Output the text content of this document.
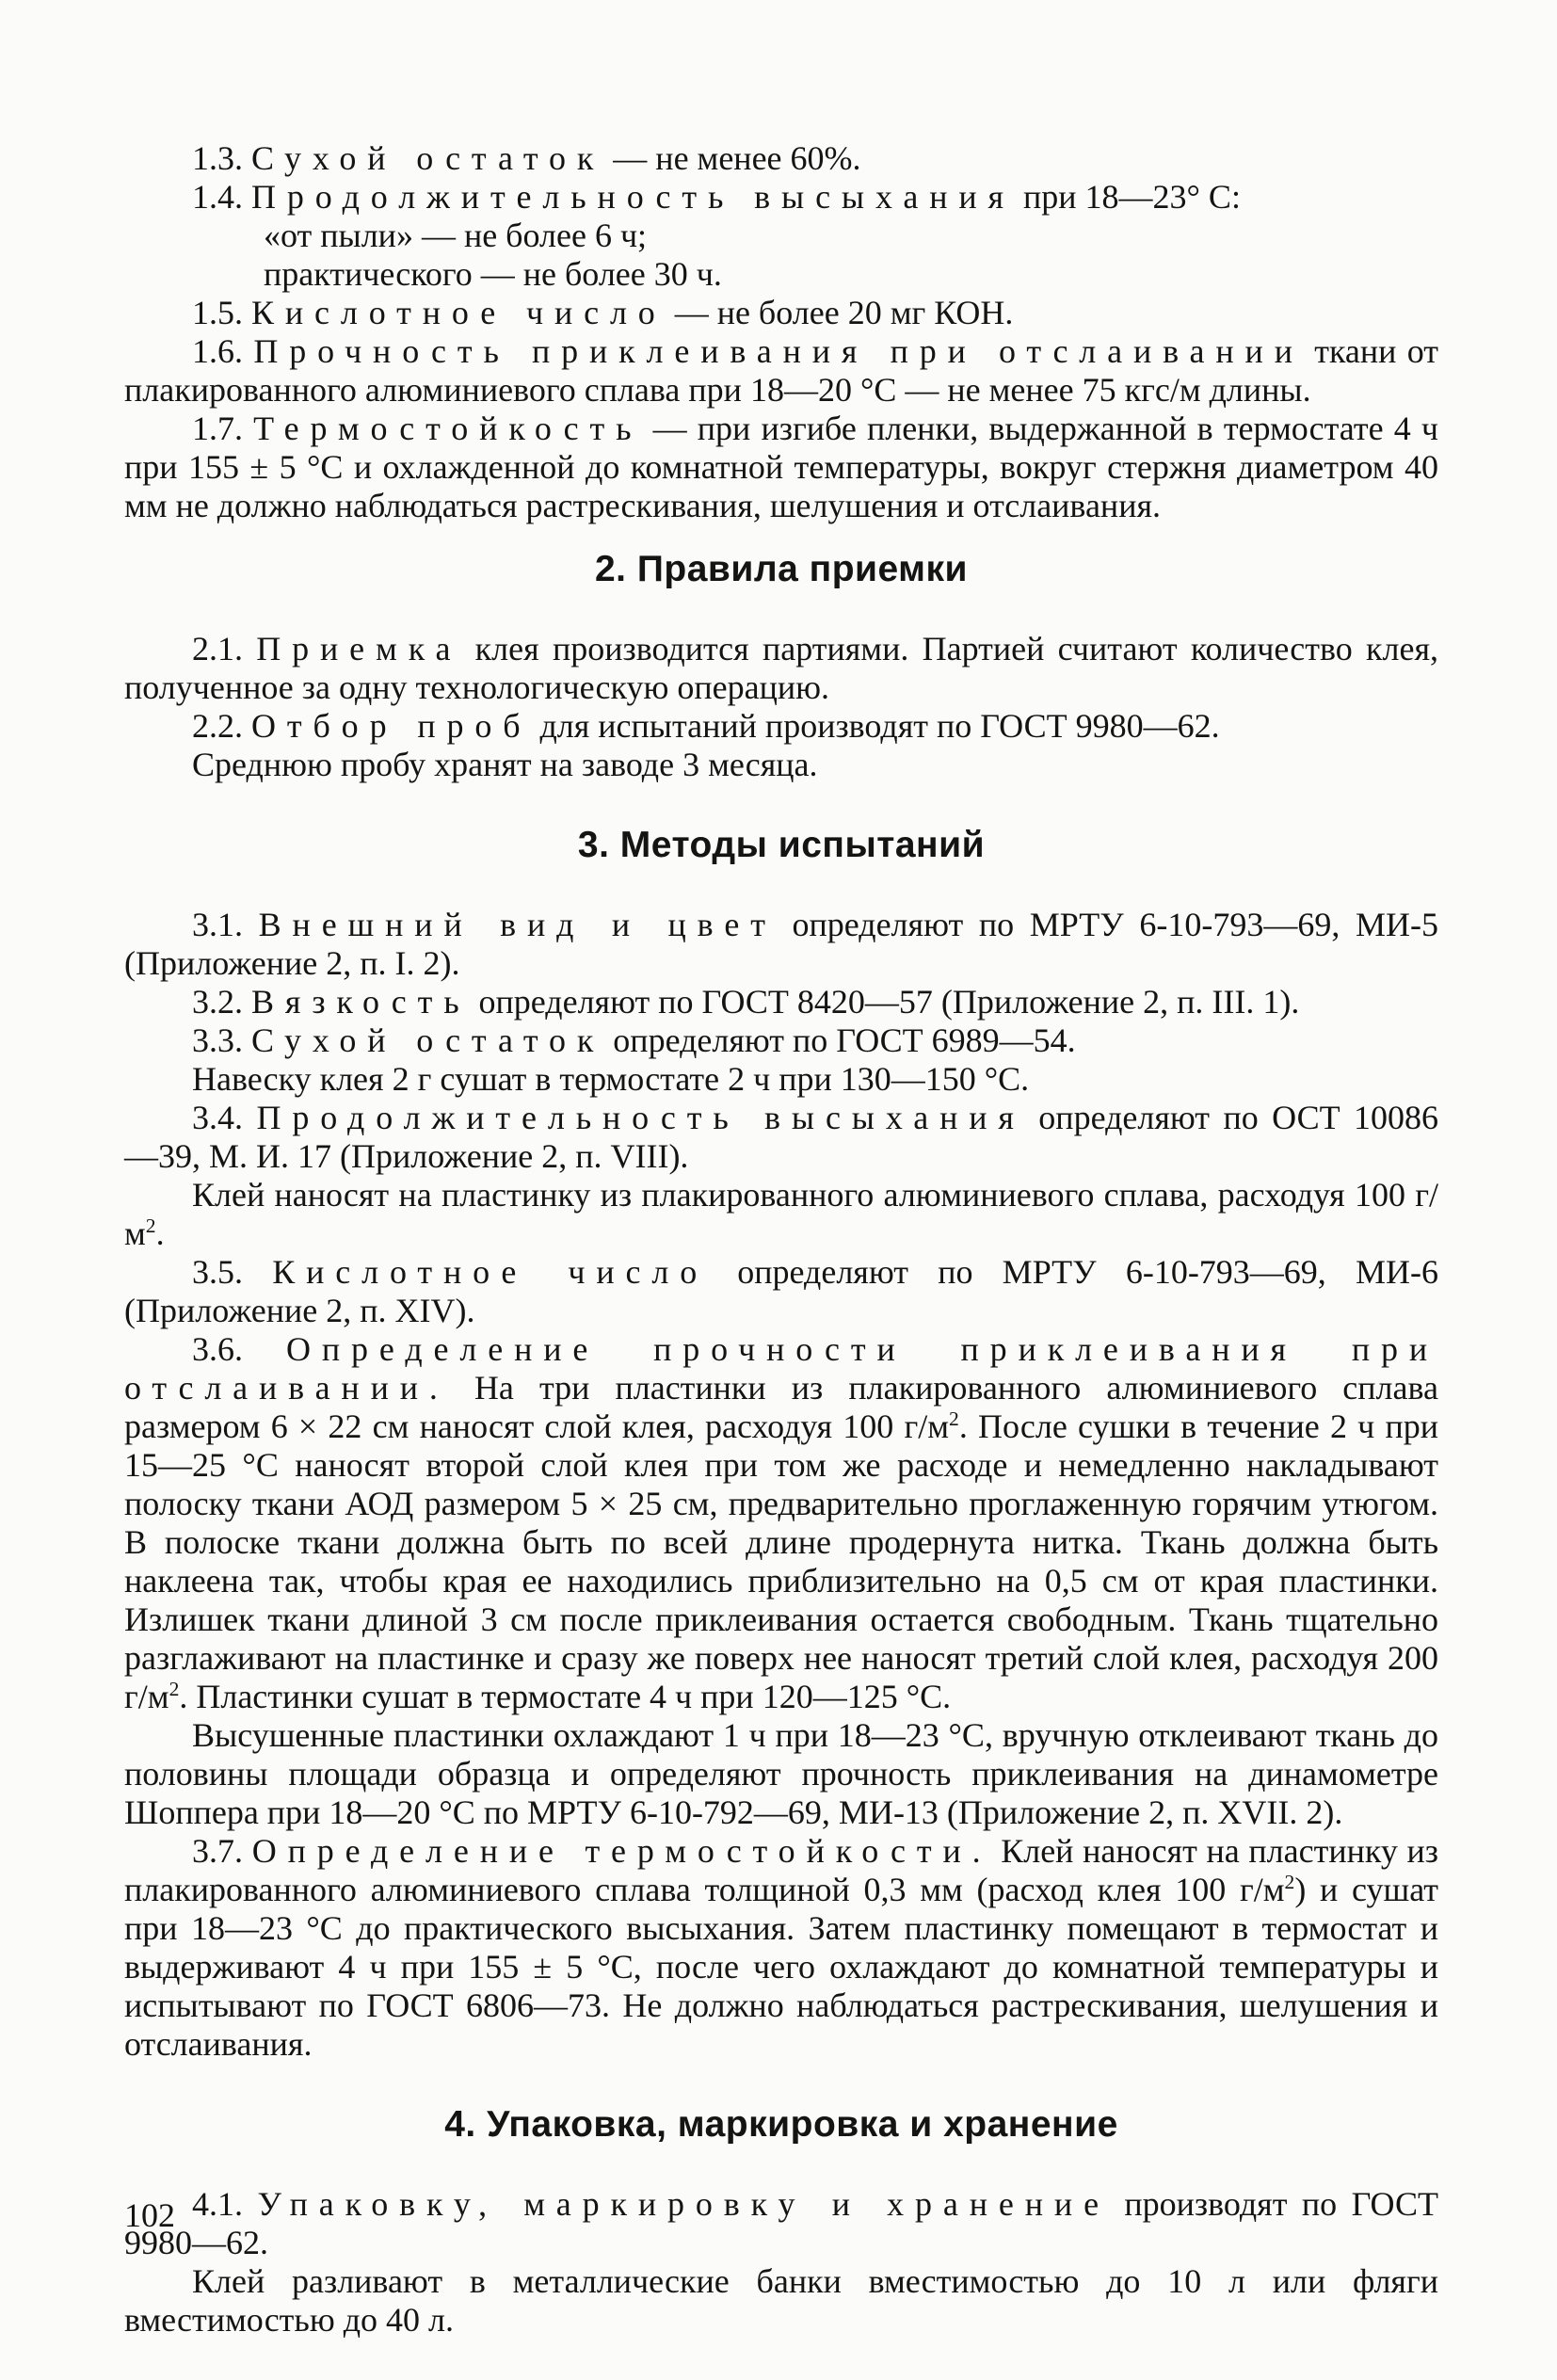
1.3. Сухой остаток — не менее 60%.

1.4. Продолжительность высыхания при 18—23° С:

«от пыли» — не более 6 ч;

практического — не более 30 ч.

1.5. Кислотное число — не более 20 мг КОН.

1.6. Прочность приклеивания при отслаивании ткани от плакированного алюминиевого сплава при 18—20 °С — не менее 75 кгс/м длины.

1.7. Термостойкость — при изгибе пленки, выдержанной в термостате 4 ч при 155 ± 5 °С и охлажденной до комнатной температуры, вокруг стержня диаметром 40 мм не должно наблюдаться растрескивания, шелушения и отслаивания.

2. Правила приемки

2.1. Приемка клея производится партиями. Партией считают количество клея, полученное за одну технологическую операцию.

2.2. Отбор проб для испытаний производят по ГОСТ 9980—62.

Среднюю пробу хранят на заводе 3 месяца.

3. Методы испытаний

3.1. Внешний вид и цвет определяют по МРТУ 6-10-793—69, МИ-5 (Приложение 2, п. I. 2).

3.2. Вязкость определяют по ГОСТ 8420—57 (Приложение 2, п. III. 1).

3.3. Сухой остаток определяют по ГОСТ 6989—54.

Навеску клея 2 г сушат в термостате 2 ч при 130—150 °С.

3.4. Продолжительность высыхания определяют по ОСТ 10086—39, М. И. 17 (Приложение 2, п. VIII).

Клей наносят на пластинку из плакированного алюминиевого сплава, расходуя 100 $г/м^2$.

3.5. Кислотное число определяют по МРТУ 6-10-793—69, МИ-6 (Приложение 2, п. XIV).

3.6. Определение прочности приклеивания при отслаивании. На три пластинки из плакированного алюминиевого сплава размером 6 × 22 см наносят слой клея, расходуя 100 $г/м^2$. После сушки в течение 2 ч при 15—25 °С наносят второй слой клея при том же расходе и немедленно накладывают полоску ткани АОД размером 5 × 25 см, предварительно проглаженную горячим утюгом. В полоске ткани должна быть по всей длине продернута нитка. Ткань должна быть наклеена так, чтобы края ее находились приблизительно на 0,5 см от края пластинки. Излишек ткани длиной 3 см после приклеивания остается свободным. Ткань тщательно разглаживают на пластинке и сразу же поверх нее наносят третий слой клея, расходуя 200 $г/м^2$. Пластинки сушат в термостате 4 ч при 120—125 °С.

Высушенные пластинки охлаждают 1 ч при 18—23 °С, вручную отклеивают ткань до половины площади образца и определяют прочность приклеивания на динамометре Шоппера при 18—20 °С по МРТУ 6-10-792—69, МИ-13 (Приложение 2, п. XVII. 2).

3.7. Определение термостойкости. Клей наносят на пластинку из плакированного алюминиевого сплава толщиной 0,3 мм (расход клея 100 $г/м^2$) и сушат при 18—23 °С до практического высыхания. Затем пластинку помещают в термостат и выдерживают 4 ч при 155 ± 5 °С, после чего охлаждают до комнатной температуры и испытывают по ГОСТ 6806—73. Не должно наблюдаться растрескивания, шелушения и отслаивания.

4. Упаковка, маркировка и хранение

4.1. Упаковку, маркировку и хранение производят по ГОСТ 9980—62.

Клей разливают в металлические банки вместимостью до 10 л или фляги вместимостью до 40 л.

102
